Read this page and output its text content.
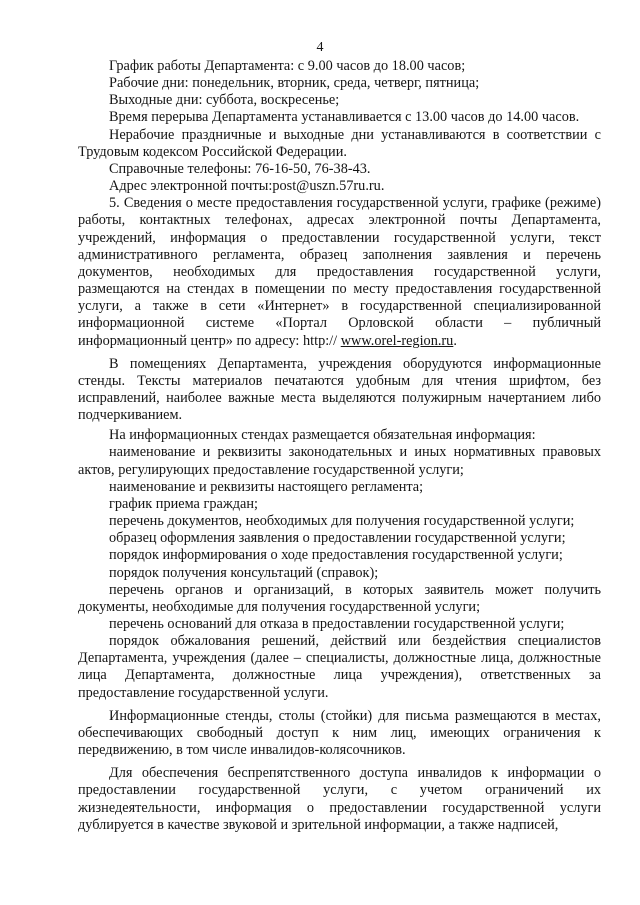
4

График работы Департамента: с 9.00 часов до 18.00 часов;

Рабочие дни: понедельник, вторник, среда, четверг, пятница;

Выходные дни: суббота, воскресенье;

Время перерыва Департамента устанавливается с 13.00 часов до 14.00 часов.

Нерабочие праздничные и выходные дни устанавливаются в соответствии с Трудовым кодексом Российской Федерации.

Справочные телефоны: 76-16-50, 76-38-43.

Адрес электронной почты:post@uszn.57ru.ru.

5. Сведения о месте предоставления государственной услуги, графике (режиме) работы, контактных телефонах, адресах электронной почты Департамента, учреждений, информация о предоставлении государственной услуги, текст административного регламента, образец заполнения заявления и перечень документов, необходимых для предоставления государственной услуги, размещаются на стендах в помещении по месту предоставления государственной услуги, а также в сети «Интернет» в государственной специализированной информационной системе «Портал Орловской области – публичный информационный центр» по адресу: http:// www.orel-region.ru.

В помещениях Департамента, учреждения оборудуются информационные стенды. Тексты материалов печатаются удобным для чтения шрифтом, без исправлений, наиболее важные места выделяются полужирным начертанием либо подчеркиванием.

На информационных стендах размещается обязательная информация:

наименование и реквизиты законодательных и иных нормативных правовых актов, регулирующих предоставление государственной услуги;

наименование и реквизиты настоящего регламента;

график приема граждан;

перечень документов, необходимых для получения государственной услуги;

образец оформления заявления о предоставлении государственной услуги;

порядок информирования о ходе предоставления государственной услуги;

порядок получения консультаций (справок);

перечень органов и организаций, в которых заявитель может получить документы, необходимые для получения государственной услуги;

перечень оснований для отказа в предоставлении государственной услуги;

порядок обжалования решений, действий или бездействия специалистов Департамента, учреждения (далее – специалисты, должностные лица, должностные лица Департамента, должностные лица учреждения), ответственных за предоставление государственной услуги.

Информационные стенды, столы (стойки) для письма размещаются в местах, обеспечивающих свободный доступ к ним лиц, имеющих ограничения к передвижению, в том числе инвалидов-колясочников.

Для обеспечения беспрепятственного доступа инвалидов к информации о предоставлении государственной услуги, с учетом ограничений их жизнедеятельности, информация о предоставлении государственной услуги дублируется в качестве звуковой и зрительной информации, а также надписей,
